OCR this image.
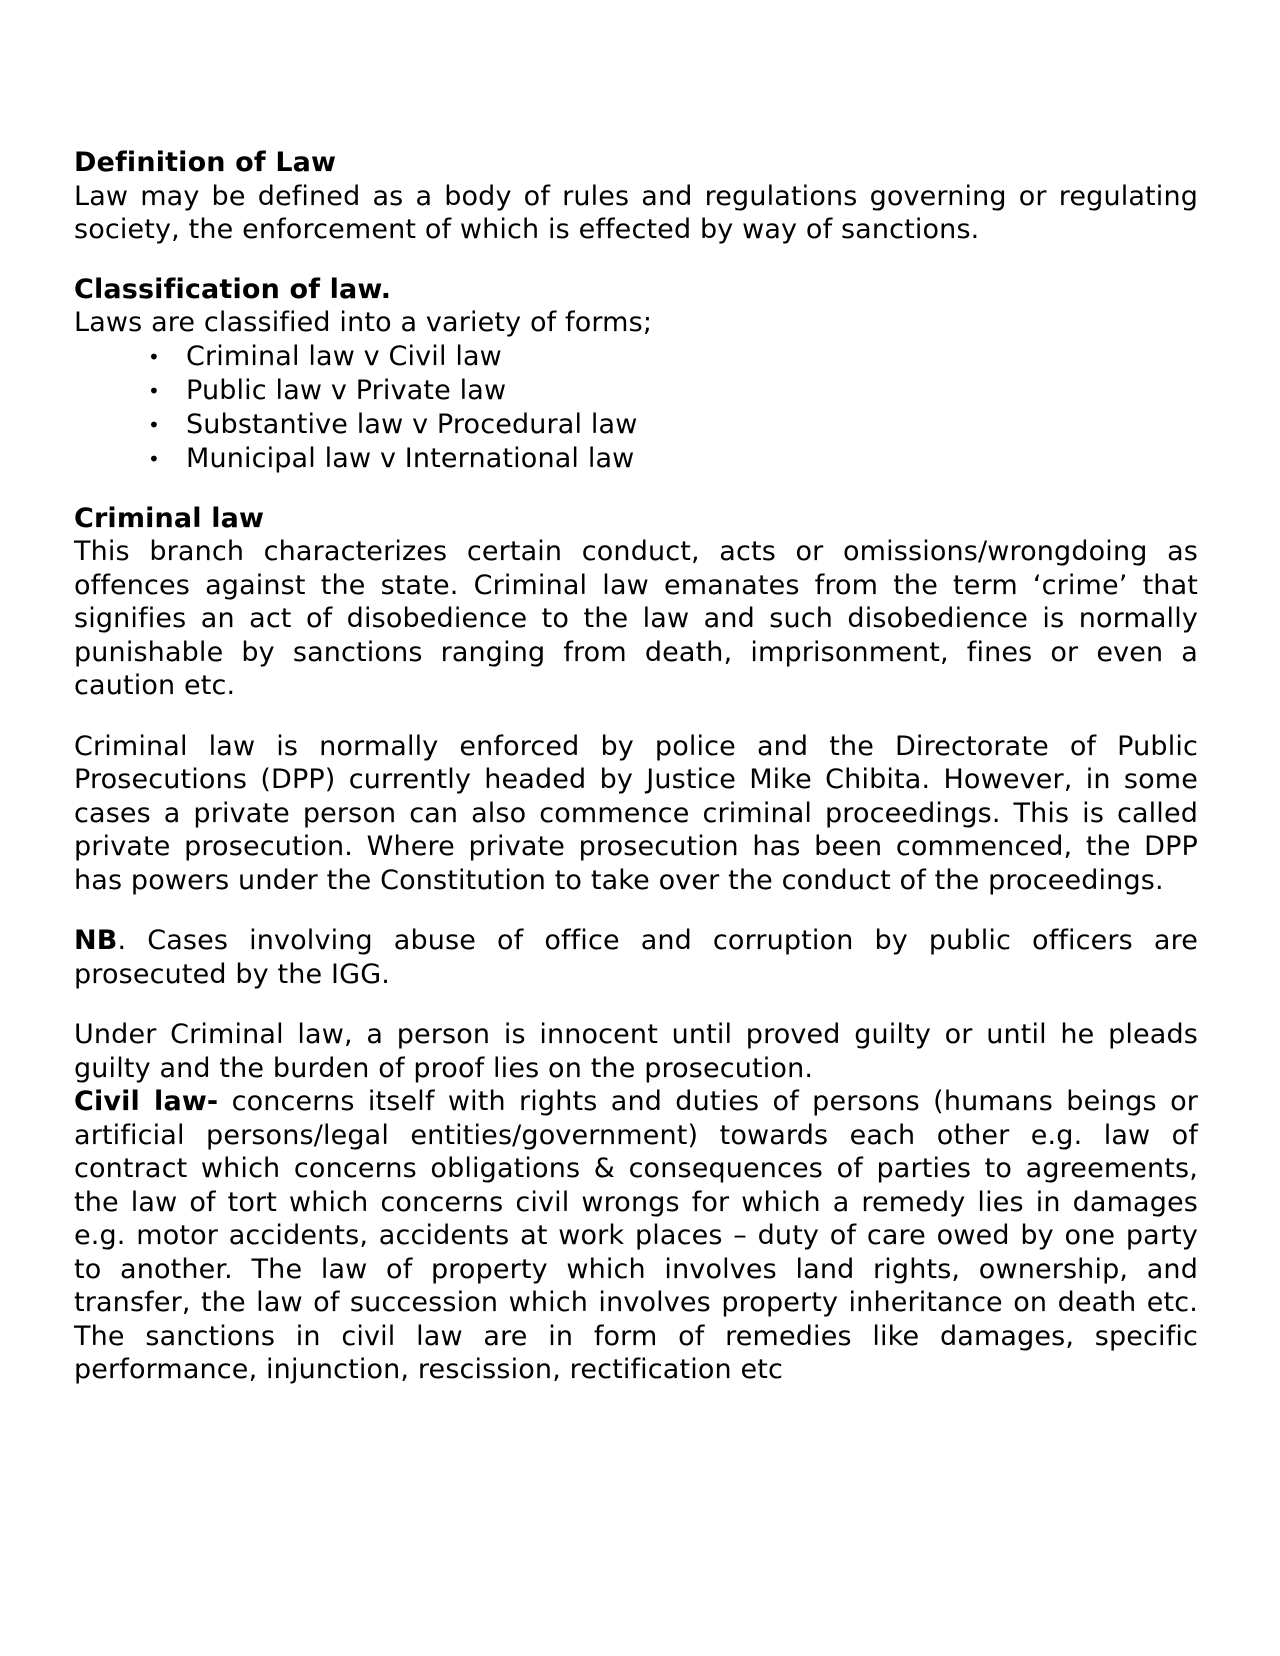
Definition of Law

Law may be defined as a body of rules and regulations governing or regulating society, the enforcement of which is effected by way of sanctions.

Classification of law.

Laws are classified into a variety of forms;

• Criminal law v Civil law
• Public law v Private law
• Substantive law v Procedural law
• Municipal law v International law
Criminal law

This branch characterizes certain conduct, acts or omissions/wrongdoing as offences against the state. Criminal law emanates from the term ‘crime’ that signifies an act of disobedience to the law and such disobedience is normally punishable by sanctions ranging from death, imprisonment, fines or even a caution etc.

Criminal law is normally enforced by police and the Directorate of Public Prosecutions (DPP) currently headed by Justice Mike Chibita. However, in some cases a private person can also commence criminal proceedings. This is called private prosecution. Where private prosecution has been commenced, the DPP has powers under the Constitution to take over the conduct of the proceedings.

NB. Cases involving abuse of office and corruption by public officers are prosecuted by the IGG.

Under Criminal law, a person is innocent until proved guilty or until he pleads guilty and the burden of proof lies on the prosecution.

Civil law- concerns itself with rights and duties of persons (humans beings or artificial persons/legal entities/government) towards each other e.g. law of contract which concerns obligations & consequences of parties to agreements, the law of tort which concerns civil wrongs for which a remedy lies in damages e.g. motor accidents, accidents at work places – duty of care owed by one party to another. The law of property which involves land rights, ownership, and transfer, the law of succession which involves property inheritance on death etc. The sanctions in civil law are in form of remedies like damages, specific performance, injunction, rescission, rectification etc
